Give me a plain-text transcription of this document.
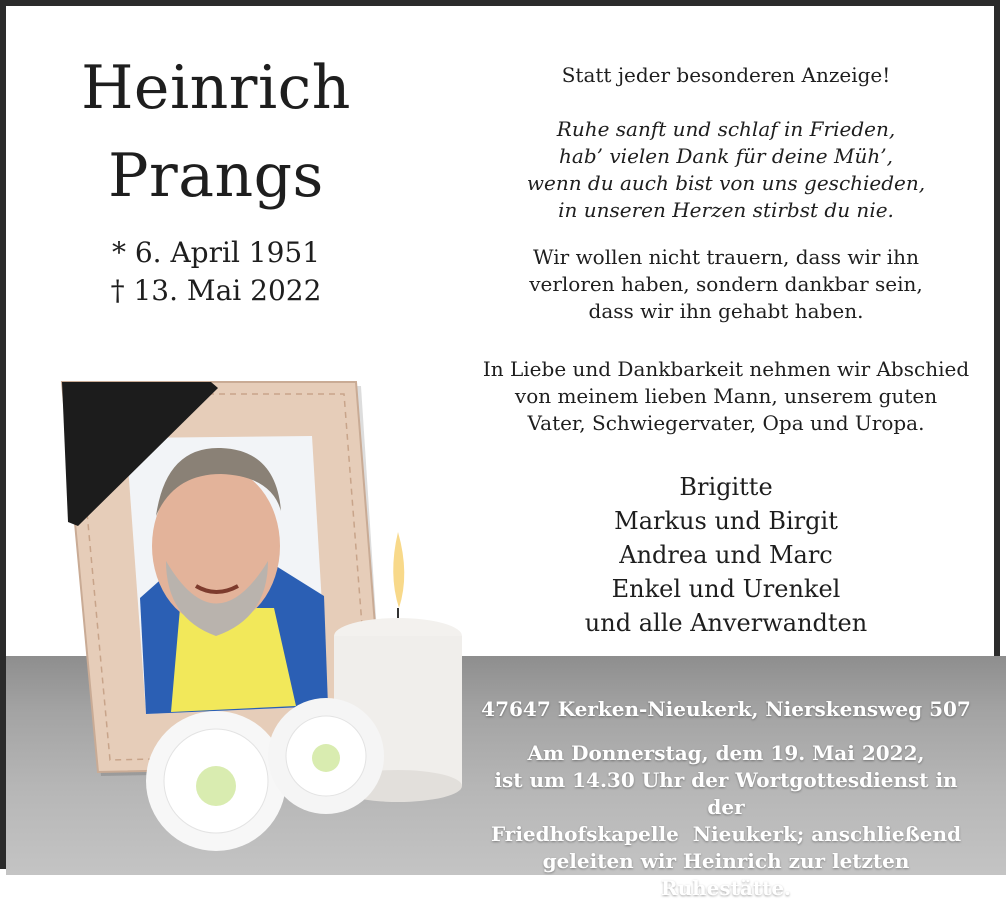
Heinrich
Prangs
* 6. April 1951
† 13. Mai 2022
Statt jeder besonderen Anzeige!
Ruhe sanft und schlaf in Frieden,
hab’ vielen Dank für deine Müh’,
wenn du auch bist von uns geschieden,
in unseren Herzen stirbst du nie.
Wir wollen nicht trauern, dass wir ihn
verloren haben, sondern dankbar sein,
dass wir ihn gehabt haben.
In Liebe und Dankbarkeit nehmen wir Abschied
von meinem lieben Mann, unserem guten
Vater, Schwiegervater, Opa und Uropa.
Brigitte
Markus und Birgit
Andrea und Marc
Enkel und Urenkel
und alle Anverwandten
47647 Kerken-Nieukerk, Nierskensweg 507
Am Donnerstag, dem 19. Mai 2022,
ist um 14.30 Uhr der Wortgottesdienst in der
Friedhofskapelle  Nieukerk; anschließend
geleiten wir Heinrich zur letzten Ruhestätte.
